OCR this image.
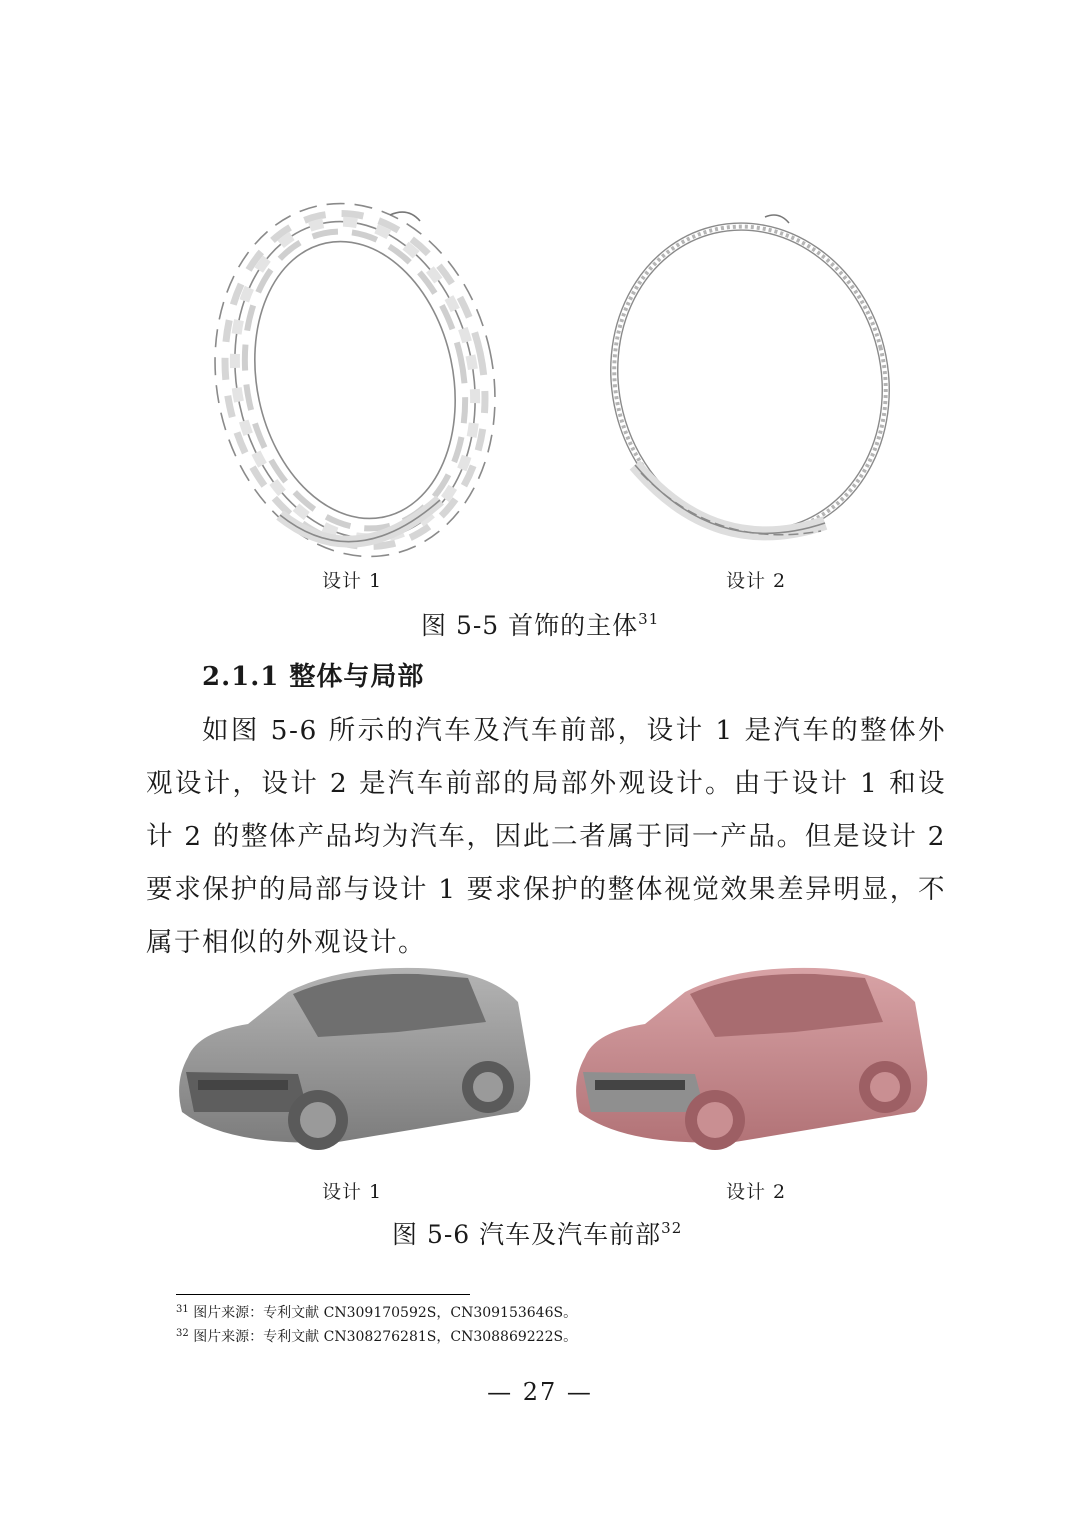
设计 1	设计 2
图 5-5 首饰的主体$^{31}$
2.1.1 整体与局部
如图 5-6 所示的汽车及汽车前部，设计 1 是汽车的整体外观设计，设计 2 是汽车前部的局部外观设计。由于设计 1 和设计 2 的整体产品均为汽车，因此二者属于同一产品。但是设计 2 要求保护的局部与设计 1 要求保护的整体视觉效果差异明显，不属于相似的外观设计。
设计 1	设计 2
图 5-6 汽车及汽车前部$^{32}$
$^{31}$ 图片来源：专利文献 CN309170592S，CN309153646S。
$^{32}$ 图片来源：专利文献 CN308276281S，CN308869222S。
— 27 —
